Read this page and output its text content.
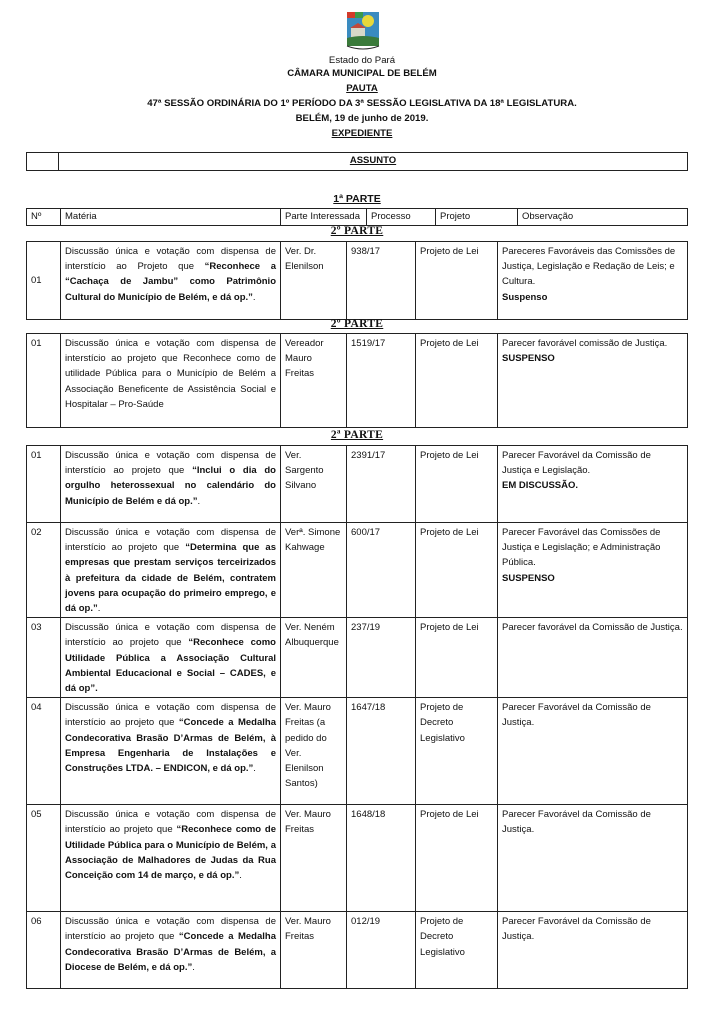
Estado do Pará
CÂMARA MUNICIPAL DE BELÉM
PAUTA
47ª SESSÃO ORDINÁRIA DO 1º PERÍODO DA 3ª SESSÃO LEGISLATIVA DA 18ª LEGISLATURA.
BELÉM, 19 de junho de 2019.
EXPEDIENTE
	ASSUNTO
1ª PARTE
Nº	Matéria	Parte Interessada	Processo	Projeto	Observação
2º PARTE
01	Discussão única e votação com dispensa de interstício ao Projeto que “Reconhece a “Cachaça de Jambu” como Patrimônio Cultural do Município de Belém, e dá op.”.	Ver. Dr. Elenilson	938/17	Projeto de Lei	Pareceres Favoráveis das Comissões de Justiça, Legislação e Redação de Leis; e Cultura.
Suspenso
2º PARTE
01	Discussão única e votação com dispensa de interstício ao projeto que Reconhece como de utilidade Pública para o Município de Belém a Associação Beneficente de Assistência Social e Hospitalar – Pro-Saúde	Vereador Mauro Freitas	1519/17	Projeto de Lei	Parecer favorável comissão de Justiça.
SUSPENSO
2ª PARTE
01	Discussão única e votação com dispensa de interstício ao projeto que “Inclui o dia do orgulho heterossexual no calendário do Município de Belém e dá op.”.	Ver. Sargento Silvano	2391/17	Projeto de Lei	Parecer Favorável da Comissão de Justiça e Legislação.
EM DISCUSSÃO.
02	Discussão única e votação com dispensa de interstício ao projeto que “Determina que as empresas que prestam serviços terceirizados à prefeitura da cidade de Belém, contratem jovens para ocupação do primeiro emprego, e dá op.”.	Verª. Simone Kahwage	600/17	Projeto de Lei	Parecer Favorável das Comissões de Justiça e Legislação; e Administração Pública.
SUSPENSO
03	Discussão única e votação com dispensa de interstício ao projeto que “Reconhece como Utilidade Pública a Associação Cultural Ambiental Educacional e Social – CADES, e dá op”.	Ver. Neném Albuquerque	237/19	Projeto de Lei	Parecer favorável da Comissão de Justiça.
04	Discussão única e votação com dispensa de interstício ao projeto que “Concede a Medalha Condecorativa Brasão D’Armas de Belém, à Empresa Engenharia de Instalações e Construções LTDA. – ENDICON, e dá op.”.	Ver. Mauro Freitas (a pedido do Ver. Elenilson Santos)	1647/18	Projeto de Decreto Legislativo	Parecer Favorável da Comissão de Justiça.
05	Discussão única e votação com dispensa de interstício ao projeto que “Reconhece como de Utilidade Pública para o Município de Belém, a Associação de Malhadores de Judas da Rua Conceição com 14 de março, e dá op.”.	Ver. Mauro Freitas	1648/18	Projeto de Lei	Parecer Favorável da Comissão de Justiça.
06	Discussão única e votação com dispensa de interstício ao projeto que “Concede a Medalha Condecorativa Brasão D’Armas de Belém, a Diocese de Belém, e dá op.”.	Ver. Mauro Freitas	012/19	Projeto de Decreto Legislativo	Parecer Favorável da Comissão de Justiça.
